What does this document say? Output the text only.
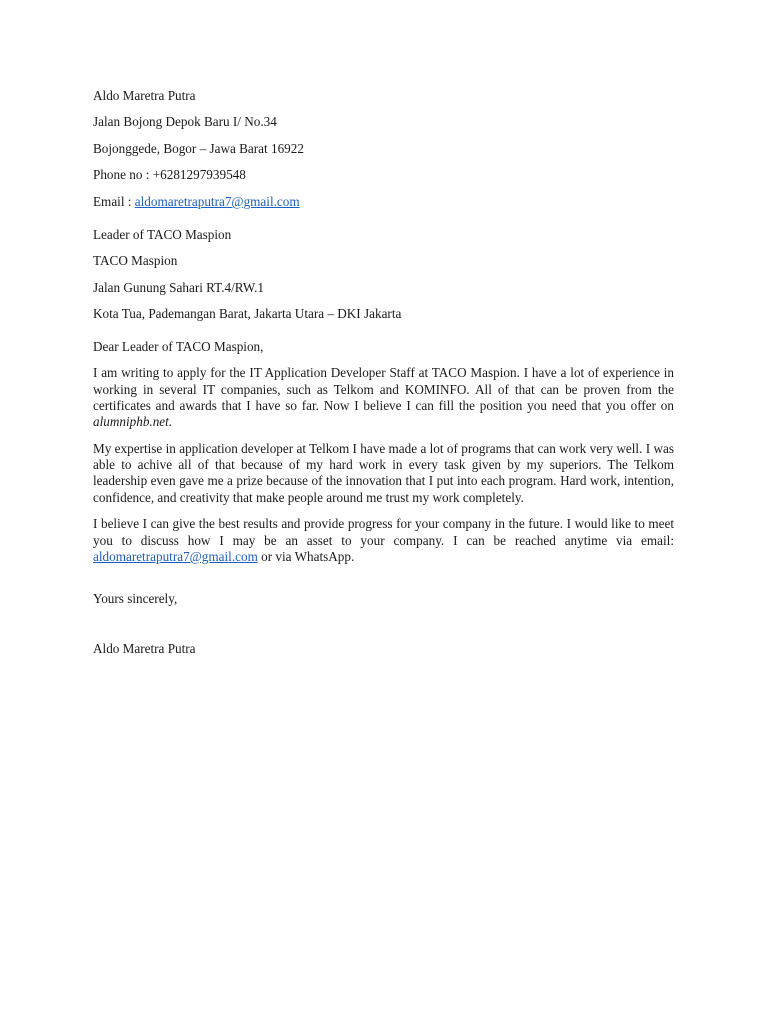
Aldo Maretra Putra
Jalan Bojong Depok Baru I/ No.34
Bojonggede, Bogor – Jawa Barat 16922
Phone no : +6281297939548
Email : aldomaretraputra7@gmail.com
Leader of TACO Maspion
TACO Maspion
Jalan Gunung Sahari RT.4/RW.1
Kota Tua, Pademangan Barat, Jakarta Utara – DKI Jakarta
Dear Leader of TACO Maspion,
I am writing to apply for the IT Application Developer Staff at TACO Maspion. I have a lot of experience in working in several IT companies, such as Telkom and KOMINFO. All of that can be proven from the certificates and awards that I have so far. Now I believe I can fill the position you need that you offer on alumniphb.net.
My expertise in application developer at Telkom I have made a lot of programs that can work very well. I was able to achive all of that because of my hard work in every task given by my superiors. The Telkom leadership even gave me a prize because of the innovation that I put into each program. Hard work, intention, confidence, and creativity that make people around me trust my work completely.
I believe I can give the best results and provide progress for your company in the future. I would like to meet you to discuss how I may be an asset to your company. I can be reached anytime via email: aldomaretraputra7@gmail.com or via WhatsApp.
Yours sincerely,
Aldo Maretra Putra
